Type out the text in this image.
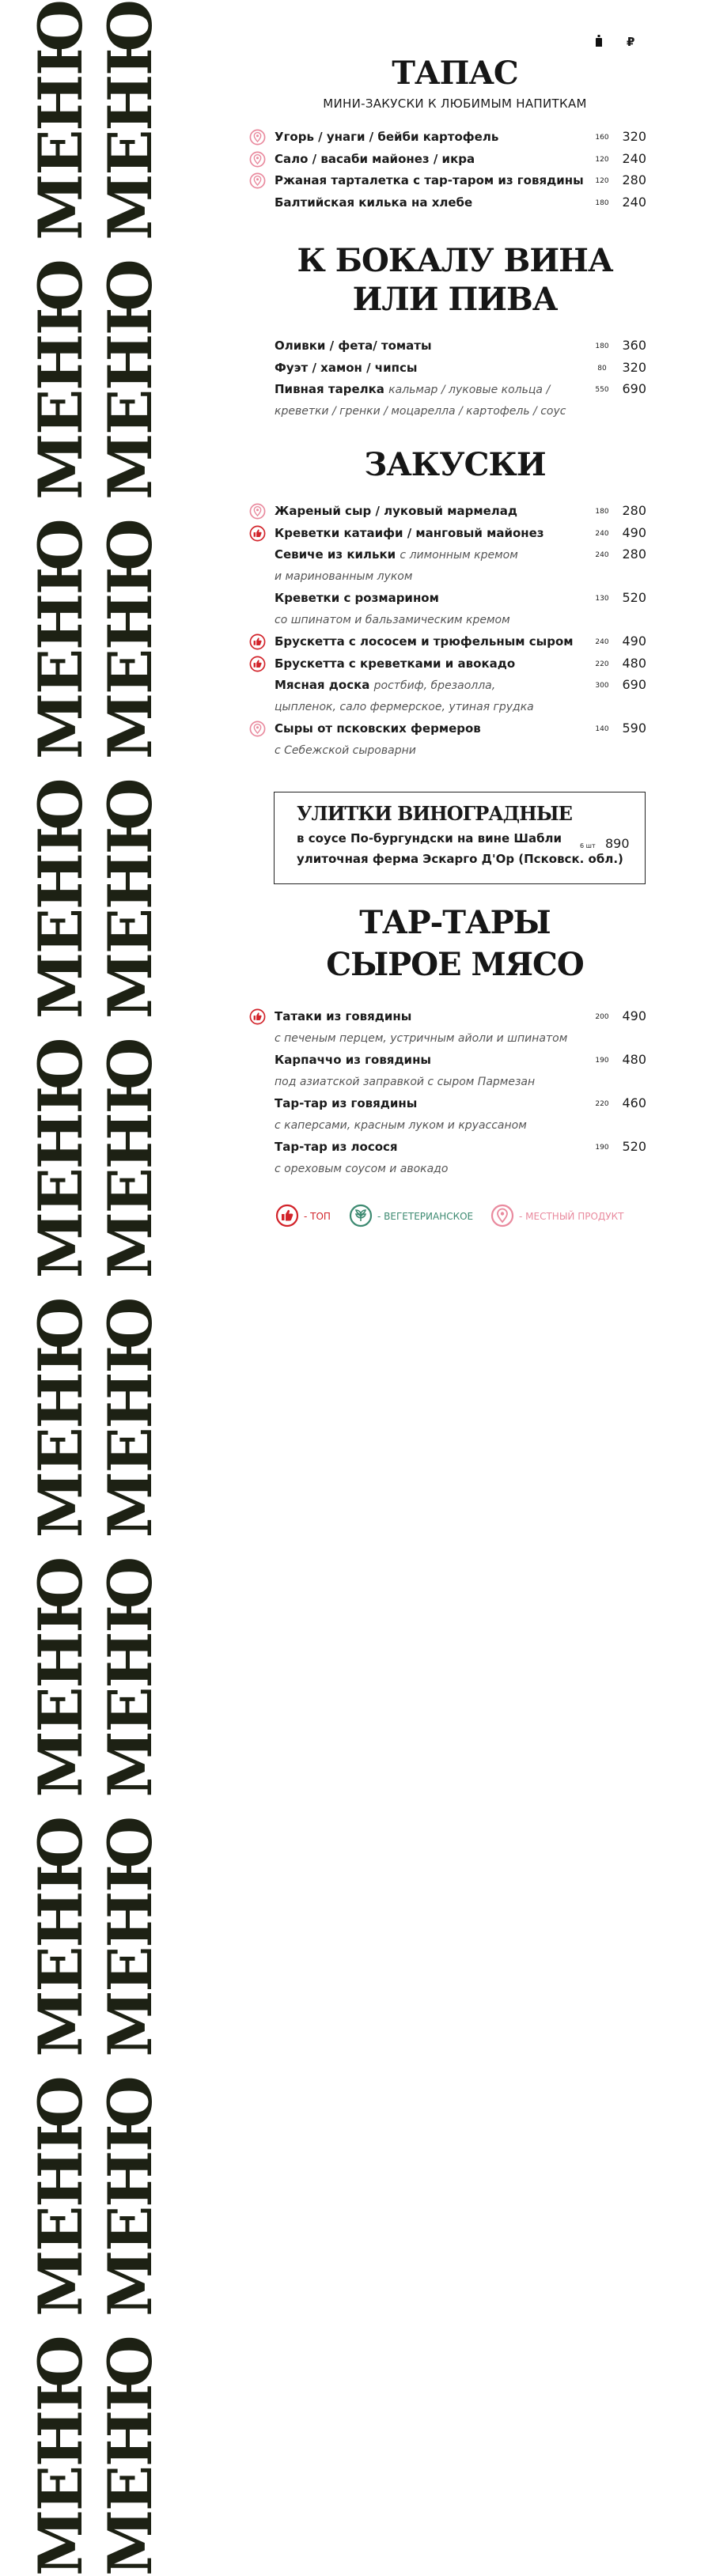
МЕНЮ МЕНЮ МЕНЮ МЕНЮ МЕНЮ МЕНЮ МЕНЮ МЕНЮ МЕНЮ МЕНЮ МЕНЮ МЕНЮ МЕНЮ МЕНЮ МЕНЮ МЕНЮ МЕНЮ МЕНЮ МЕНЮ МЕНЮ	₽
ТАПАС
МИНИ-ЗАКУСКИ К ЛЮБИМЫМ НАПИТКАМ
Угорь / унаги / бейби картофель	160	320
Сало / васаби майонез / икра	120	240
Ржаная тарталетка с тар-таром из говядины	120	280
Балтийская килька на хлебе	180	240
К БОКАЛУ ВИНА
ИЛИ ПИВА
Оливки / фета/ томаты	180	360
Фуэт / хамон / чипсы	80	320
Пивная тарелка кальмар / луковые кольца /	550	690
креветки / гренки / моцарелла / картофель / соус
ЗАКУСКИ
Жареный сыр / луковый мармелад	180	280
Креветки катаифи / манговый майонез	240	490
Севиче из кильки с лимонным кремом	240	280
и маринованным луком
Креветки с розмарином	130	520
со шпинатом и бальзамическим кремом
Брускетта с лососем и трюфельным сыром	240	490
Брускетта с креветками и авокадо	220	480
Мясная доска ростбиф, брезаолла,	300	690
цыпленок, сало фермерское, утиная грудка
Сыры от псковских фермеров	140	590
с Себежской сыроварни
УЛИТКИ ВИНОГРАДНЫЕ
в соусе По-бургундски на вине Шабли
улиточная ферма Эскарго Д'Ор (Псковск. обл.)
6 шт 890
ТАР-ТАРЫ
СЫРОЕ МЯСО
Татаки из говядины	200	490
с печеным перцем, устричным айоли и шпинатом
Карпаччо из говядины	190	480
под азиатской заправкой с сыром Пармезан
Тар-тар из говядины	220	460
с каперсами, красным луком и круассаном
Тар-тар из лосося	190	520
с ореховым соусом и авокадо
- ТОП	- ВЕГЕТЕРИАНСКОЕ	- МЕСТНЫЙ ПРОДУКТ
